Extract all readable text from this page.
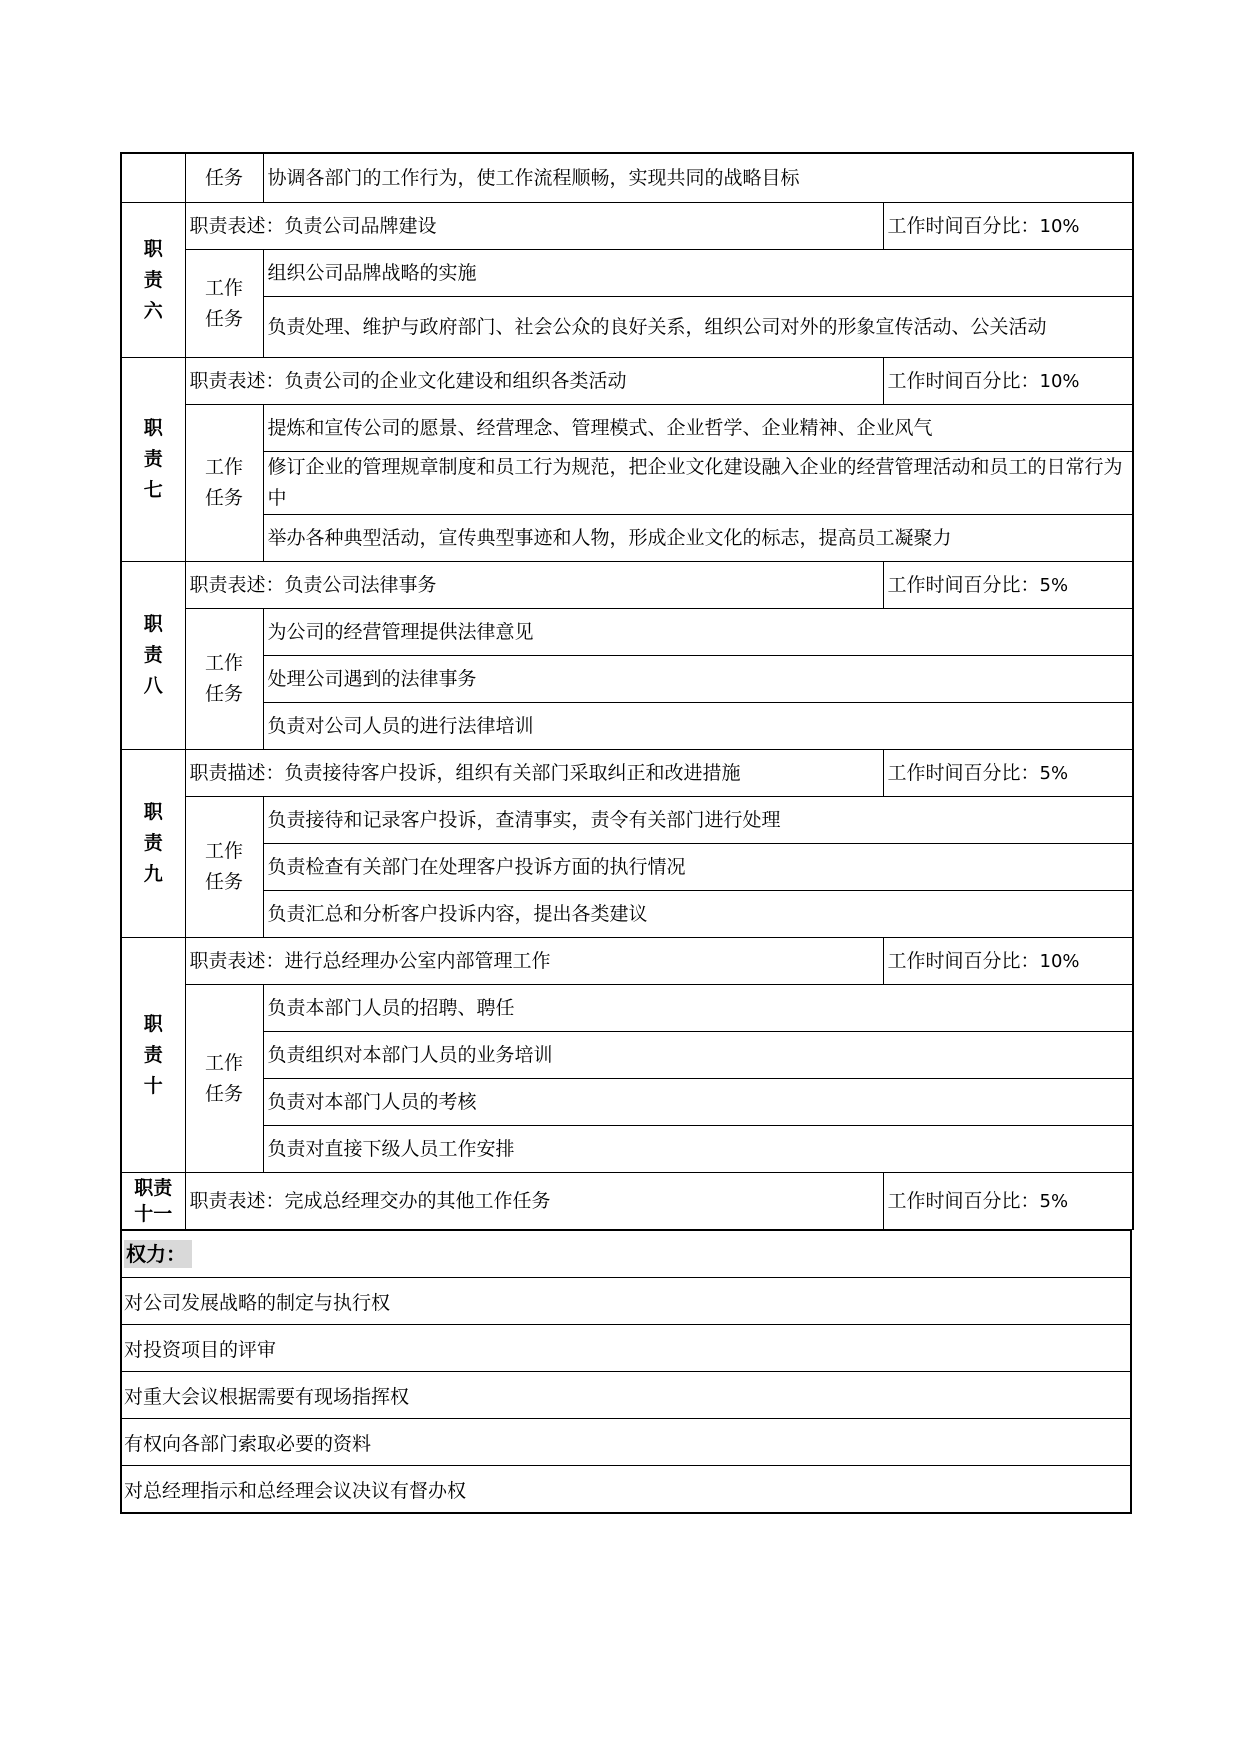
	任务	协调各部门的工作行为，使工作流程顺畅，实现共同的战略目标	

职
责
六	职责表述：负责公司品牌建设		工作时间百分比：10%

	工作
任务	组织公司品牌战略的实施	
		负责处理、维护与政府部门、社会公众的良好关系，组织公司对外的形象宣传活动、公关活动	

职
责
七	职责表述：负责公司的企业文化建设和组织各类活动		工作时间百分比：10%

	工作
任务	提炼和宣传公司的愿景、经营理念、管理模式、企业哲学、企业精神、企业风气	
		修订企业的管理规章制度和员工行为规范，把企业文化建设融入企业的经营管理活动和员工的日常行为中	
		举办各种典型活动，宣传典型事迹和人物，形成企业文化的标志，提高员工凝聚力	

职
责
八	职责表述：负责公司法律事务		工作时间百分比：5%

	工作
任务	为公司的经营管理提供法律意见	
		处理公司遇到的法律事务	
		负责对公司人员的进行法律培训	

职
责
九	职责描述：负责接待客户投诉，组织有关部门采取纠正和改进措施		工作时间百分比：5%

	工作
任务	负责接待和记录客户投诉，查清事实，责令有关部门进行处理	
		负责检查有关部门在处理客户投诉方面的执行情况	
		负责汇总和分析客户投诉内容，提出各类建议	

职
责
十	职责表述：进行总经理办公室内部管理工作		工作时间百分比：10%

	工作
任务	负责本部门人员的招聘、聘任	
		负责组织对本部门人员的业务培训	
		负责对本部门人员的考核	
		负责对直接下级人员工作安排	

职责
十一	职责表述：完成总经理交办的其他工作任务		工作时间百分比：5%
权力：
对公司发展战略的制定与执行权
对投资项目的评审
对重大会议根据需要有现场指挥权
有权向各部门索取必要的资料
对总经理指示和总经理会议决议有督办权
